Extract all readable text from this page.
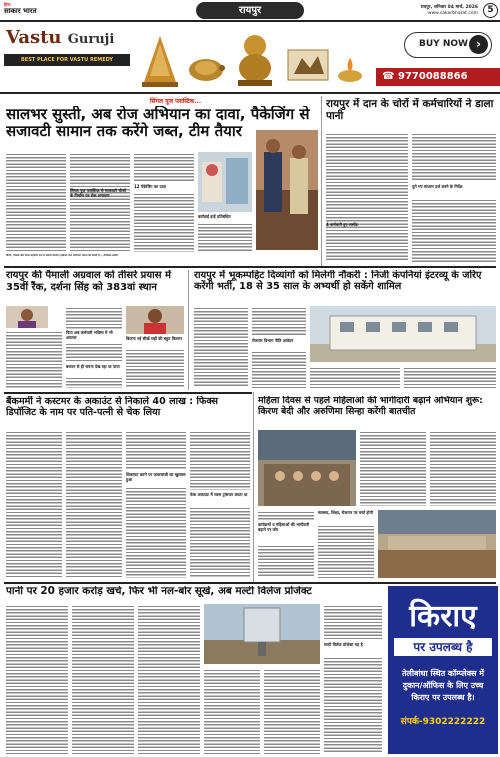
हिन्द
साकार भारत	रायपुर	रायपुर, शनिवार 04 मार्च, 2026
www.sakarbharat.com	5
Vastu Guruji
BEST PLACE FOR VASTU REMEDY
BUY NOW ›
☎ 9770088866
सिंगल यूज प्लास्टिक...
सालभर सुस्ती, अब रोज अभियान का दावा, पैकेजिंग से सजावटी सामान तक करेंगे जब्त, टीम तैयार
12 पैकेजिंग का दावा
सिंगल यूज प्लास्टिक से सजावटी चीजों के निर्माण पर रोक लगाएगा
कार्रवाई इन्हें प्रतिबंधित
बिरंगी, रिकांस और बैनर्स सहयोगी रूप से प्रसारी जायेगी। इसलिए रोज अभियान चलाने की तैयारी है। - रविशंकर सवारी
रायपुर में दान के चोरों में कर्मचारियों ने डाला पानी
चुने गए माध्यम दर्ज करने के निर्देश
4 कर्मचारी हुए सस्पेंड
रायपुर की पैमाली अग्रवाल को तीसरे प्रयास में 35वीं रैंक, दर्शना सिंह को 383वां स्थान
पिता अब कर्मचारी भविष्य में भी अफसर
बचपन से ही सपना देख रहा था पाया
कितना नई सीखें सही की बहुत किसान
रायपुर में भूकम्पहिट दिव्यांगों को मिलेगी नौकरी : निजी कंपनियां इंटरव्यू के जरिए करेंगी भर्ती, 18 से 35 साल के अभ्यर्थी हो सकेंगे शामिल
रोजगार विभाग नीति आवेदन
बैंकमर्मी ने कस्टमर के अकाउंट से निकाले 40 लाख : फिक्स डिपॉजिट के नाम पर पति-पत्नी से चेक लिया
शिकायत करने पर जालसाजी का खुलासा हुआ
फेक अकाउंट में रकम ट्रांसफर करता था
महिला दिवस से पहले महिलाओं की भागीदारी बढ़ाने अभियान शुरू: किरण बेदी और अरुणिमा सिन्हा करेंगी बातचीत
कार्यक्रमों व महिलाओं की भागीदारी बढ़ाने पर जोर
स्वास्थ्य, शिक्षा, रोजगार पर चर्चा होगी
पानी पर 20 हजार करोड़ खर्च, फिर भी नल-बोर सूखे, अब मल्टी विलेज प्रोजेक्ट
मल्टी विलेज प्रोजेक्ट यह है
किराए
पर उपलब्ध है
तेलीबांधा स्थित कॉम्प्लेक्स में दुकान/ऑफिस के लिए उच्च किराए पर उपलब्ध है।
संपर्क-9302222222
